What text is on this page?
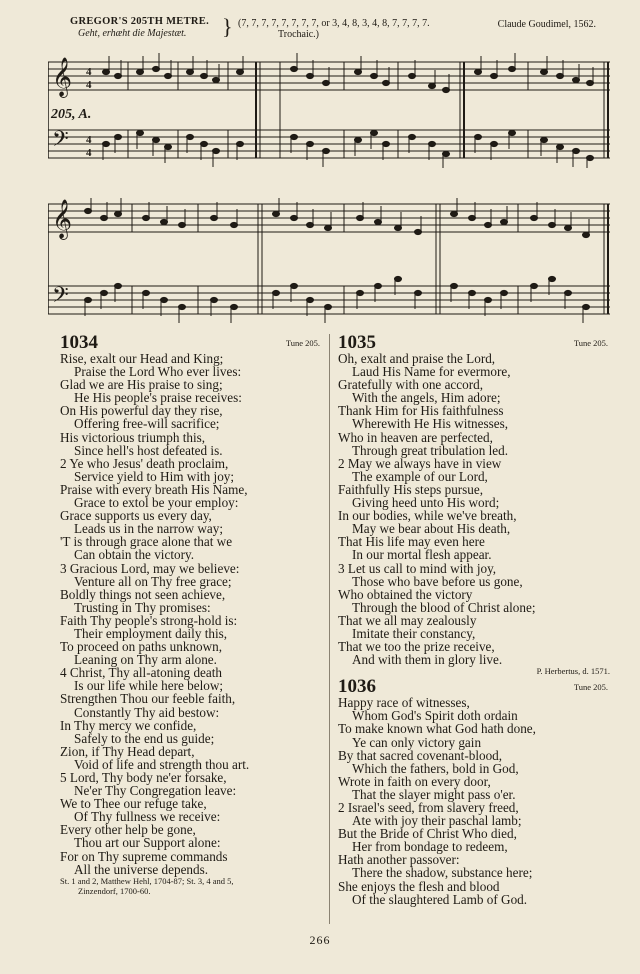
GREGOR'S 205TH METRE.
Geht, erhæht die Majestæt. } (7, 7, 7, 7, 7, 7, 7, 7, or 3, 4, 8, 3, 4, 8, 7, 7, 7, 7.
Trochaic.)
Claude Goudimel, 1562.
𝄞
𝄢
4
4
4
4
205, A.
𝄞
𝄢
1034	Tune 205.
Rise, exalt our Head and King;
Praise the Lord Who ever lives:
Glad we are His praise to sing;
He His people's praise receives:
On His powerful day they rise,
Offering free-will sacrifice;
His victorious triumph this,
Since hell's host defeated is.
2 Ye who Jesus' death proclaim,
Service yield to Him with joy;
Praise with every breath His Name,
Grace to extol be your employ:
Grace supports us every day,
Leads us in the narrow way;
'T is through grace alone that we
Can obtain the victory.
3 Gracious Lord, may we believe:
Venture all on Thy free grace;
Boldly things not seen achieve,
Trusting in Thy promises:
Faith Thy people's strong-hold is:
Their employment daily this,
To proceed on paths unknown,
Leaning on Thy arm alone.
4 Christ, Thy all-atoning death
Is our life while here below;
Strengthen Thou our feeble faith,
Constantly Thy aid bestow:
In Thy mercy we confide,
Safely to the end us guide;
Zion, if Thy Head depart,
Void of life and strength thou art.
5 Lord, Thy body ne'er forsake,
Ne'er Thy Congregation leave:
We to Thee our refuge take,
Of Thy fullness we receive:
Every other help be gone,
Thou art our Support alone:
For on Thy supreme commands
All the universe depends.
St. 1 and 2, Matthew Hehl, 1704-87; St. 3, 4 and 5,
Zinzendorf, 1700-60.
1035	Tune 205.
Oh, exalt and praise the Lord,
Laud His Name for evermore,
Gratefully with one accord,
With the angels, Him adore;
Thank Him for His faithfulness
Wherewith He His witnesses,
Who in heaven are perfected,
Through great tribulation led.
2 May we always have in view
The example of our Lord,
Faithfully His steps pursue,
Giving heed unto His word;
In our bodies, while we've breath,
May we bear about His death,
That His life may even here
In our mortal flesh appear.
3 Let us call to mind with joy,
Those who bave before us gone,
Who obtained the victory
Through the blood of Christ alone;
That we all may zealously
Imitate their constancy,
That we too the prize receive,
And with them in glory live.
P. Herbertus, d. 1571.
1036	Tune 205.
Happy race of witnesses,
Whom God's Spirit doth ordain
To make known what God hath done,
Ye can only victory gain
By that sacred covenant-blood,
Which the fathers, bold in God,
Wrote in faith on every door,
That the slayer might pass o'er.
2 Israel's seed, from slavery freed,
Ate with joy their paschal lamb;
But the Bride of Christ Who died,
Her from bondage to redeem,
Hath another passover:
There the shadow, substance here;
She enjoys the flesh and blood
Of the slaughtered Lamb of God.
266
